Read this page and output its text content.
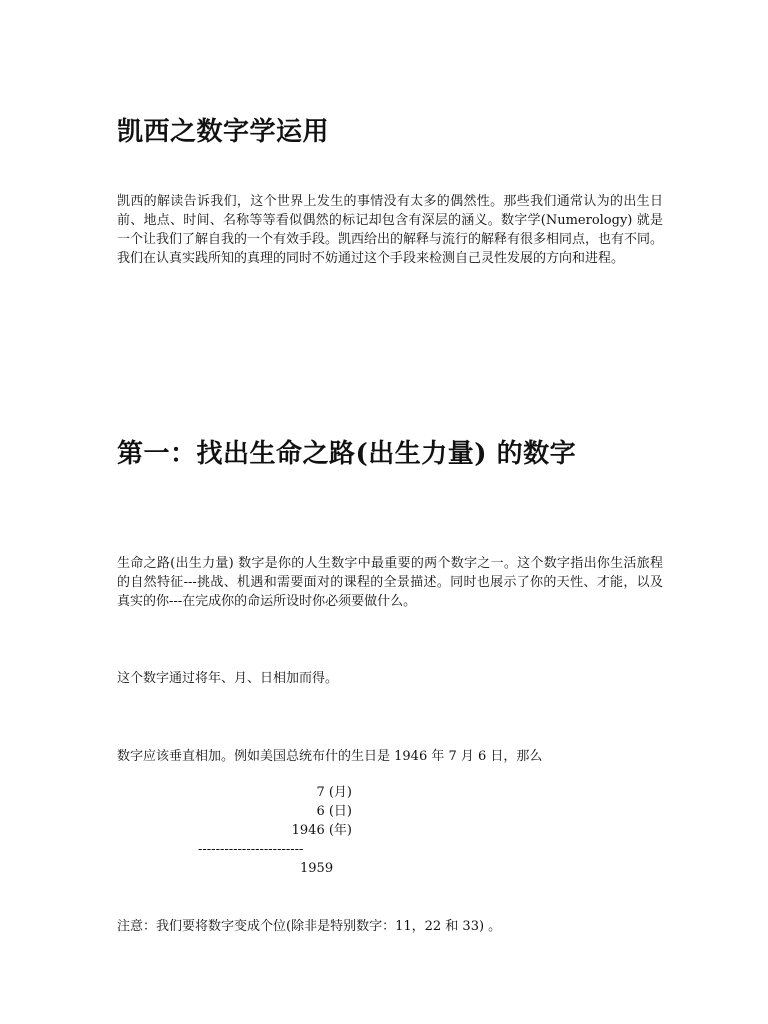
凯西之数字学运用
凯西的解读告诉我们，这个世界上发生的事情没有太多的偶然性。那些我们通常认为的出生日前、地点、时间、名称等等看似偶然的标记却包含有深层的涵义。数字学(Numerology) 就是一个让我们了解自我的一个有效手段。凯西给出的解释与流行的解释有很多相同点，也有不同。我们在认真实践所知的真理的同时不妨通过这个手段来检测自己灵性发展的方向和进程。
第一：找出生命之路(出生力量) 的数字
生命之路(出生力量) 数字是你的人生数字中最重要的两个数字之一。这个数字指出你生活旅程的自然特征---挑战、机遇和需要面对的课程的全景描述。同时也展示了你的天性、才能，以及真实的你---在完成你的命运所设时你必须要做什么。
这个数字通过将年、月、日相加而得。
数字应该垂直相加。例如美国总统布什的生日是 1946 年 7 月 6 日，那么
7 (月)
6 (日)
1946 (年)
------------------------
1959
注意：我们要将数字变成个位(除非是特别数字：11，22 和 33) 。
